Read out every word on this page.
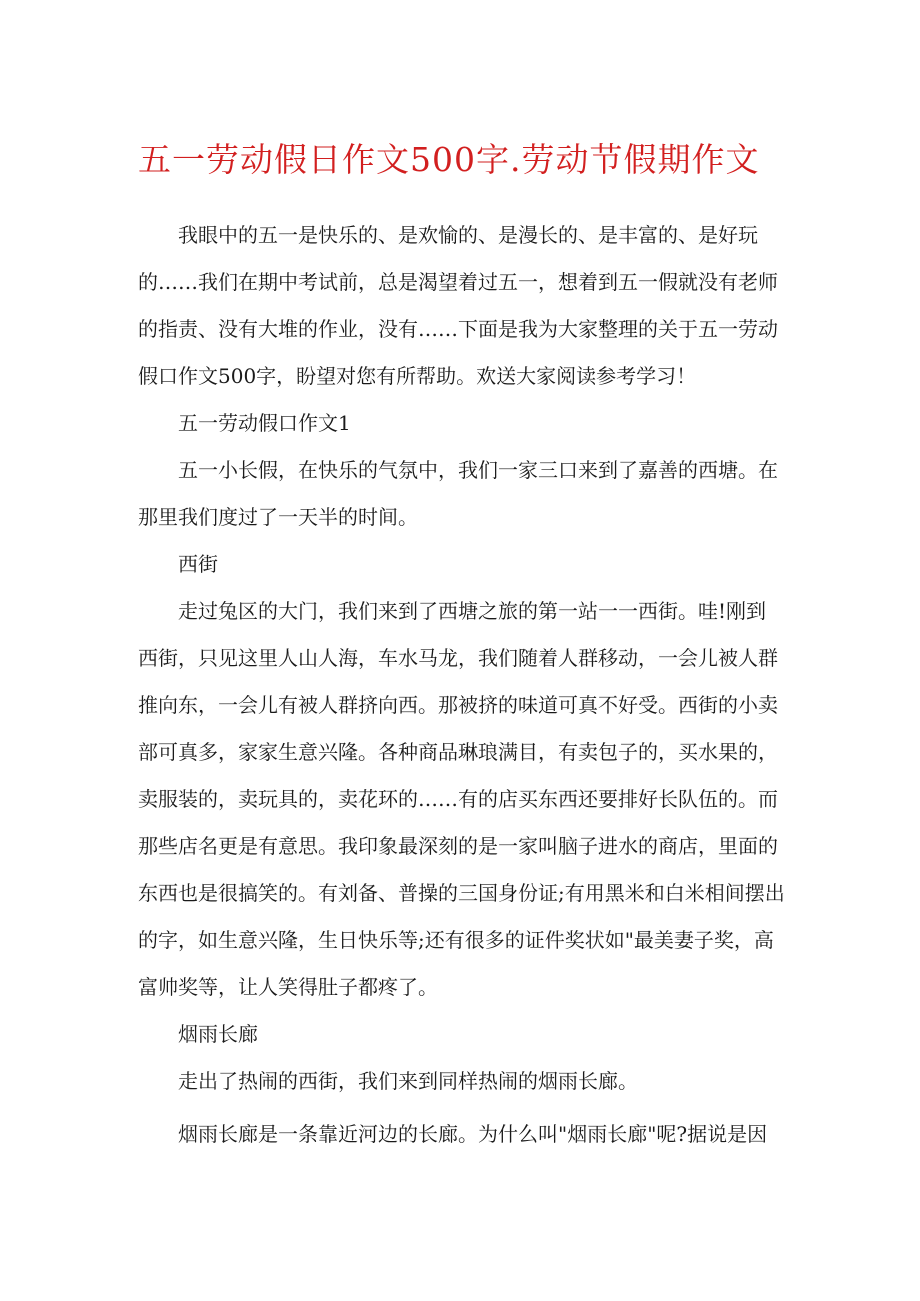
五一劳动假日作文500字.劳动节假期作文

我眼中的五一是快乐的、是欢愉的、是漫长的、是丰富的、是好玩的……我们在期中考试前，总是渴望着过五一，想着到五一假就没有老师的指责、没有大堆的作业，没有……下面是我为大家整理的关于五一劳动假口作文500字，盼望对您有所帮助。欢送大家阅读参考学习！

五一劳动假口作文1

五一小长假，在快乐的气氛中，我们一家三口来到了嘉善的西塘。在那里我们度过了一天半的时间。

西街

走过兔区的大门，我们来到了西塘之旅的第一站一一西街。哇!刚到西街，只见这里人山人海，车水马龙，我们随着人群移动，一会儿被人群推向东，一会儿有被人群挤向西。那被挤的味道可真不好受。西街的小卖部可真多，家家生意兴隆。各种商品琳琅满目，有卖包子的，买水果的，卖服装的，卖玩具的，卖花环的……有的店买东西还要排好长队伍的。而那些店名更是有意思。我印象最深刻的是一家叫脑子进水的商店，里面的东西也是很搞笑的。有刘备、普操的三国身份证;有用黑米和白米相间摆出的字，如生意兴隆，生日快乐等;还有很多的证件奖状如"最美妻子奖，高富帅奖等，让人笑得肚子都疼了。

烟雨长廊

走出了热闹的西街，我们来到同样热闹的烟雨长廊。

烟雨长廊是一条靠近河边的长廊。为什么叫"烟雨长廊"呢?据说是因
